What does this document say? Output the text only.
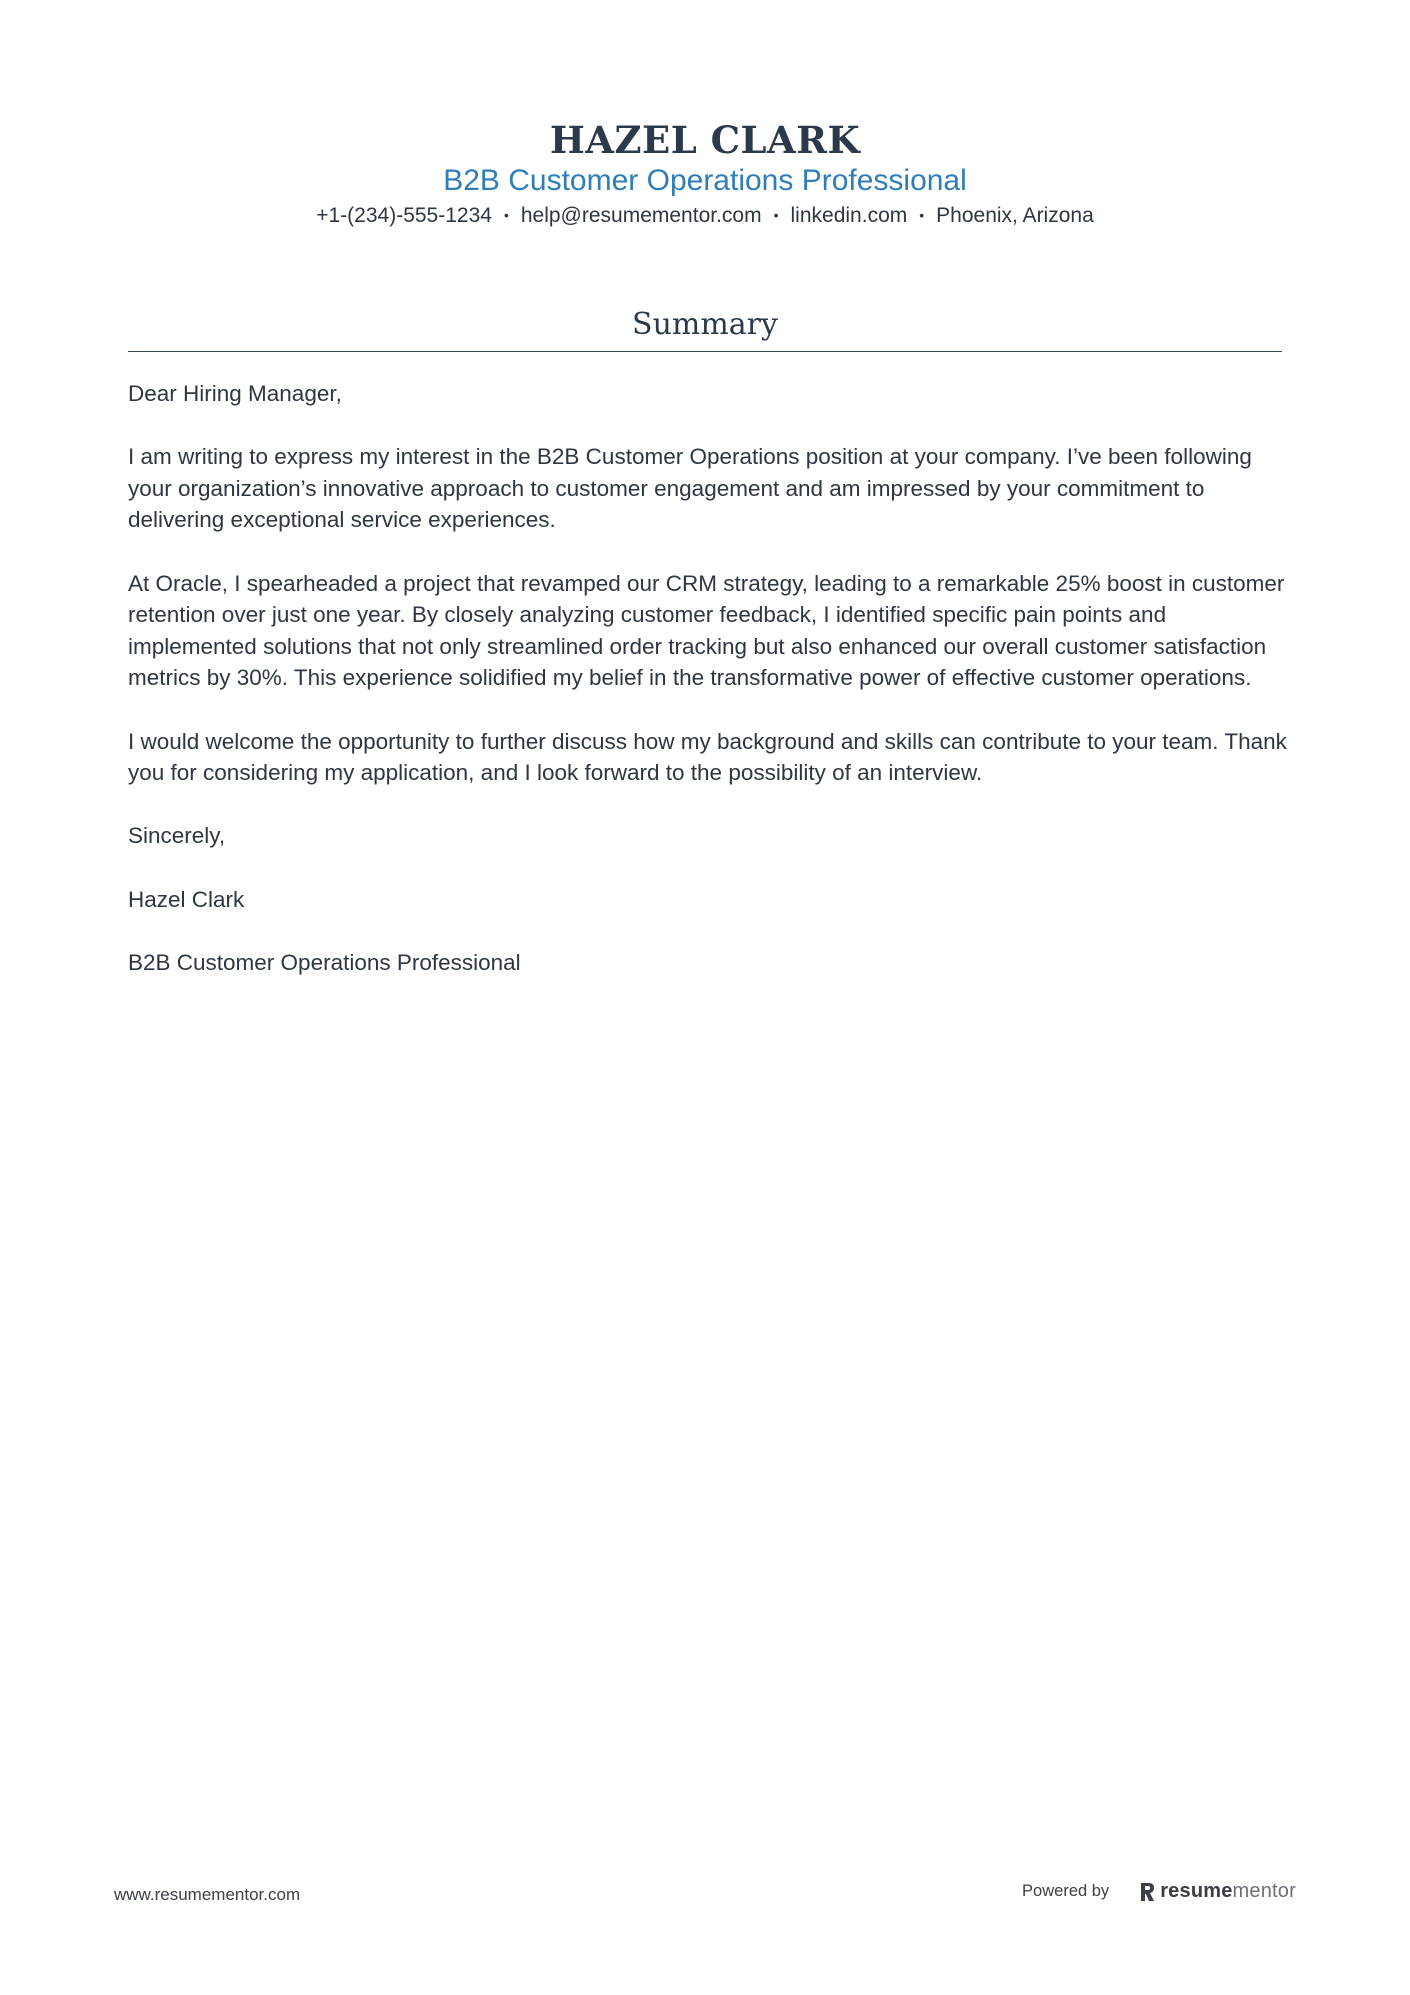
HAZEL CLARK
B2B Customer Operations Professional
+1-(234)-555-1234 • help@resumementor.com • linkedin.com • Phoenix, Arizona
Summary

Dear Hiring Manager,

I am writing to express my interest in the B2B Customer Operations position at your company. I’ve been following your organization’s innovative approach to customer engagement and am impressed by your commitment to delivering exceptional service experiences.

At Oracle, I spearheaded a project that revamped our CRM strategy, leading to a remarkable 25% boost in customer retention over just one year. By closely analyzing customer feedback, I identified specific pain points and implemented solutions that not only streamlined order tracking but also enhanced our overall customer satisfaction metrics by 30%. This experience solidified my belief in the transformative power of effective customer operations.

I would welcome the opportunity to further discuss how my background and skills can contribute to your team. Thank you for considering my application, and I look forward to the possibility of an interview.

Sincerely,

Hazel Clark

B2B Customer Operations Professional

www.resumementor.com	Powered by	resumementor
